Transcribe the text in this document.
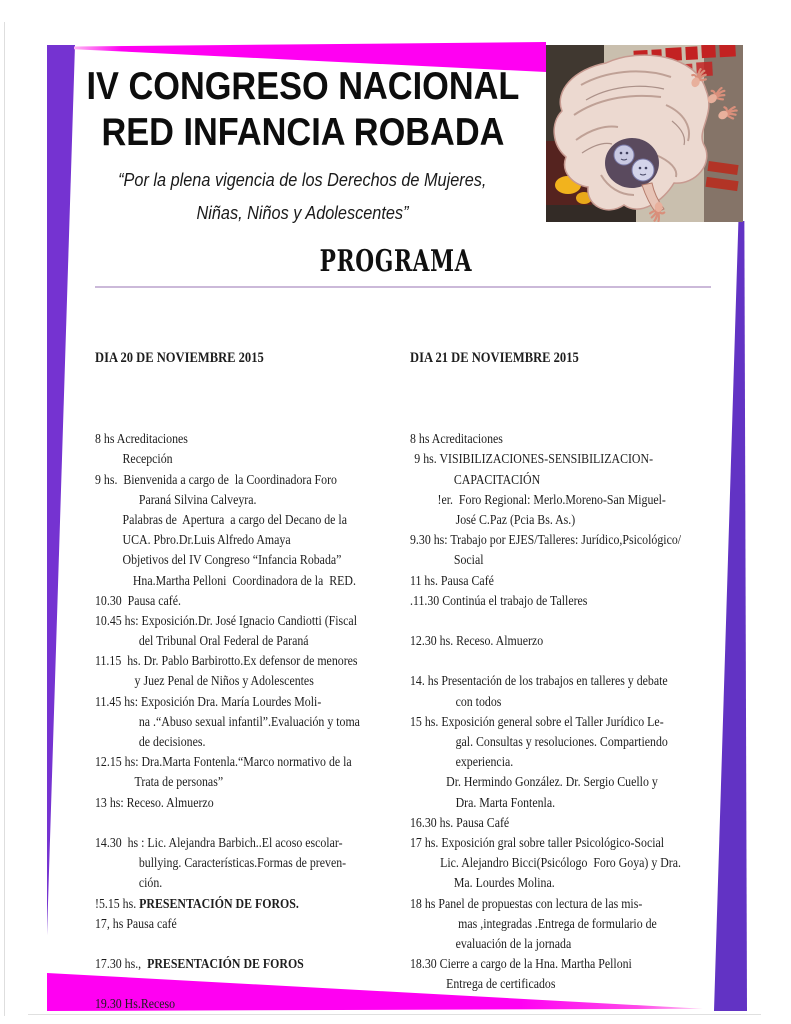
IV CONGRESO NACIONAL
RED INFANCIA ROBADA
“Por la plena vigencia de los Derechos de Mujeres,
Niñas, Niños y Adolescentes”
PROGRAMA

DIA 20 DE NOVIEMBRE 2015

8 hs Acreditaciones
Recepción
9 hs.  Bienvenida a cargo de  la Coordinadora Foro
Paraná Silvina Calveyra.
Palabras de  Apertura  a cargo del Decano de la
UCA. Pbro.Dr.Luis Alfredo Amaya
Objetivos del IV Congreso “Infancia Robada”
Hna.Martha Pelloni  Coordinadora de la  RED.
10.30  Pausa café.
10.45 hs: Exposición.Dr. José Ignacio Candiotti (Fiscal
del Tribunal Oral Federal de Paraná
11.15  hs. Dr. Pablo Barbirotto.Ex defensor de menores
y Juez Penal de Niños y Adolescentes
11.45 hs: Exposición Dra. María Lourdes Moli-
na .“Abuso sexual infantil”.Evaluación y toma
de decisiones.
12.15 hs: Dra.Marta Fontenla.“Marco normativo de la
Trata de personas”
13 hs: Receso. Almuerzo
14.30  hs : Lic. Alejandra Barbich..El acoso escolar-
bullying. Características.Formas de preven-
ción.
!5.15 hs. PRESENTACIÓN DE FOROS.
17, hs Pausa café
17.30 hs.,  PRESENTACIÓN DE FOROS
19.30 Hs.Receso

DIA 21 DE NOVIEMBRE 2015

8 hs Acreditaciones
9 hs. VISIBILIZACIONES-SENSIBILIZACION-
CAPACITACIÓN
!er.  Foro Regional: Merlo.Moreno-San Miguel-
José C.Paz (Pcia Bs. As.)
9.30 hs: Trabajo por EJES/Talleres: Jurídico,Psicológico/
Social
11 hs. Pausa Café
.11.30 Continúa el trabajo de Talleres
12.30 hs. Receso. Almuerzo
14. hs Presentación de los trabajos en talleres y debate
con todos
15 hs. Exposición general sobre el Taller Jurídico Le-
gal. Consultas y resoluciones. Compartiendo
experiencia.
Dr. Hermindo González. Dr. Sergio Cuello y
Dra. Marta Fontenla.
16.30 hs. Pausa Café
17 hs. Exposición gral sobre taller Psicológico-Social
Lic. Alejandro Bicci(Psicólogo  Foro Goya) y Dra.
Ma. Lourdes Molina.
18 hs Panel de propuestas con lectura de las mis-
mas ,integradas .Entrega de formulario de
evaluación de la jornada
18.30 Cierre a cargo de la Hna. Martha Pelloni
Entrega de certificados
